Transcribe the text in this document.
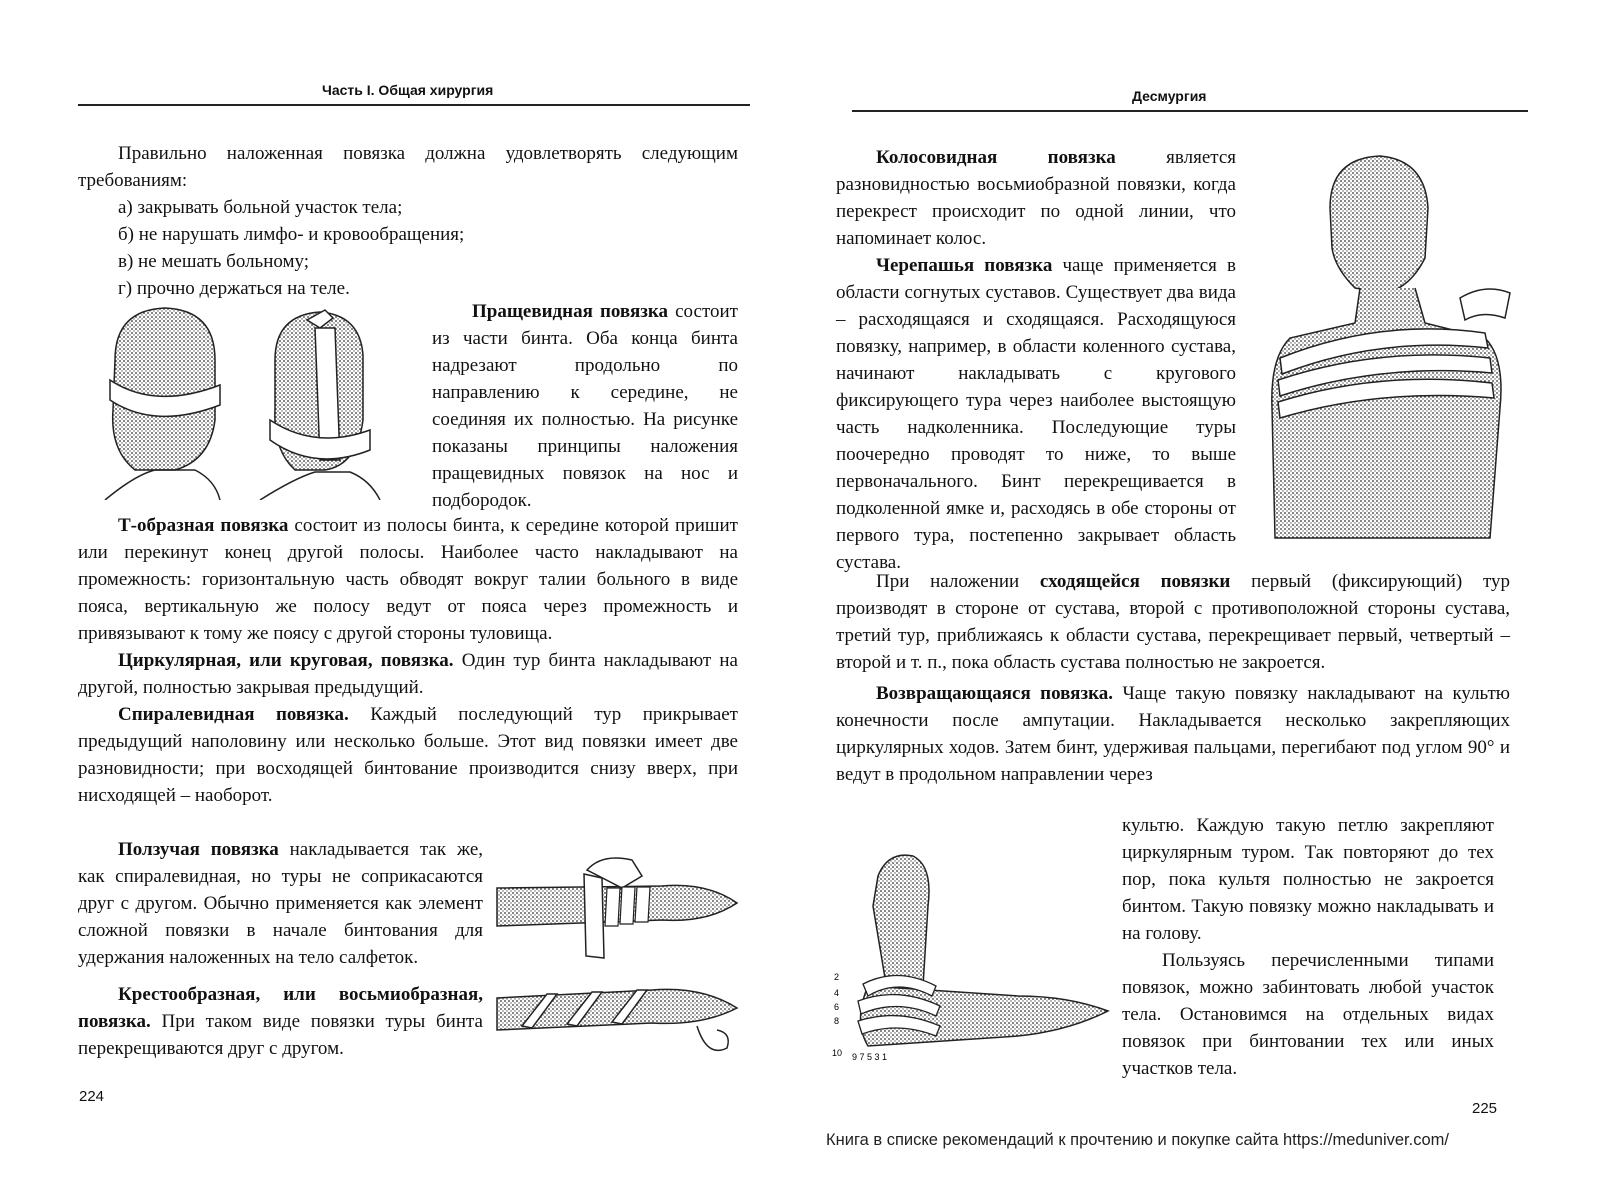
Часть I. Общая хирургия

Правильно наложенная повязка должна удовлетворять следующим требованиям:

а) закрывать больной участок тела;

б) не нарушать лимфо- и кровообращения;

в) не мешать больному;

г) прочно держаться на теле.

Пращевидная повязка состоит из части бинта. Оба конца бинта надрезают продольно по направлению к середине, не соединяя их полностью. На рисунке показаны принципы наложения пращевидных повязок на нос и подбородок.

Т-образная повязка состоит из полосы бинта, к середине которой пришит или перекинут конец другой полосы. Наиболее часто накладывают на промежность: горизонтальную часть обводят вокруг талии больного в виде пояса, вертикальную же полосу ведут от пояса через промежность и привязывают к тому же поясу с другой стороны туловища.

Циркулярная, или круговая, повязка. Один тур бинта накладывают на другой, полностью закрывая предыдущий.

Спиралевидная повязка. Каждый последующий тур прикрывает предыдущий наполовину или несколько больше. Этот вид повязки имеет две разновидности; при восходящей бинтование производится снизу вверх, при нисходящей – наоборот.

Ползучая повязка накладывается так же, как спиралевидная, но туры не соприкасаются друг с другом. Обычно применяется как элемент сложной повязки в начале бинтования для удержания наложенных на тело салфеток.

Крестообразная, или восьмиобразная, повязка. При таком виде повязки туры бинта перекрещиваются друг с другом.

224
Десмургия

Колосовидная повязка является разновидностью восьмиобразной повязки, когда перекрест происходит по одной линии, что напоминает колос.

Черепашья повязка чаще применяется в области согнутых суставов. Существует два вида – расходящаяся и сходящаяся. Расходящуюся повязку, например, в области коленного сустава, начинают накладывать с кругового фиксирующего тура через наиболее выстоящую часть надколенника. Последующие туры поочередно проводят то ниже, то выше первоначального. Бинт перекрещивается в подколенной ямке и, расходясь в обе стороны от первого тура, постепенно закрывает область сустава.

При наложении сходящейся повязки первый (фиксирующий) тур производят в стороне от сустава, второй с противоположной стороны сустава, третий тур, приближаясь к области сустава, перекрещивает первый, четвертый – второй и т. п., пока область сустава полностью не закроется.

Возвращающаяся повязка. Чаще такую повязку накладывают на культю конечности после ампутации. Накладывается несколько закрепляющих циркулярных ходов. Затем бинт, удерживая пальцами, перегибают под углом 90° и ведут в продольном направлении через

2
4
6
8
10 9 7 5 3 1

культю. Каждую такую петлю закрепляют циркулярным туром. Так повторяют до тех пор, пока культя полностью не закроется бинтом. Такую повязку можно накладывать и на голову.

Пользуясь перечисленными типами повязок, можно забинтовать любой участок тела. Остановимся на отдельных видах повязок при бинтовании тех или иных участков тела.

225
Книга в списке рекомендаций к прочтению и покупке сайта https://meduniver.com/
